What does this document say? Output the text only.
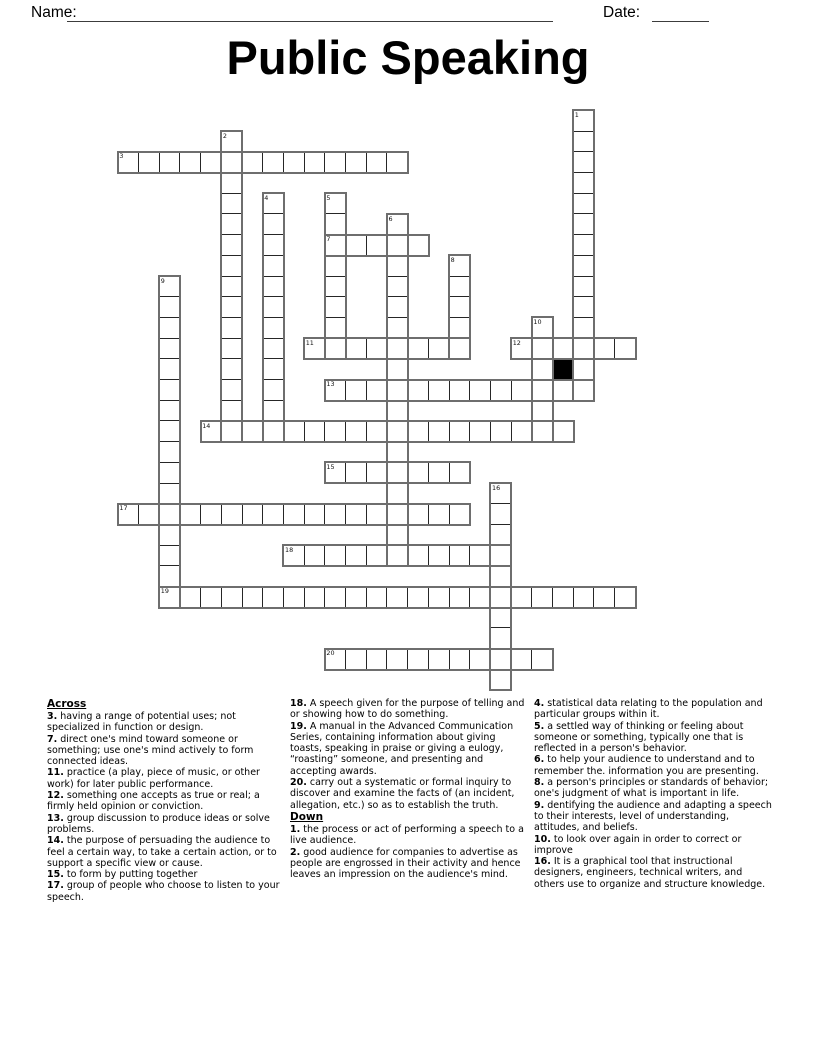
Name:	Date:
Public Speaking
3
7
11	12
13
14
15
17
18
19
20
1
2
4	5
6
8
9
10
16
Across

3. having a range of potential uses; not specialized in function or design.

7. direct one's mind toward someone or something; use one's mind actively to form connected ideas.

11. practice (a play, piece of music, or other work) for later public performance.

12. something one accepts as true or real; a firmly held opinion or conviction.

13. group discussion to produce ideas or solve problems.

14. the purpose of persuading the audience to feel a certain way, to take a certain action, or to support a specific view or cause.

15. to form by putting together

17. group of people who choose to listen to your speech.

18. A speech given for the purpose of telling and or showing how to do something.

19. A manual in the Advanced Communication Series, containing information about giving toasts, speaking in praise or giving a eulogy, “roasting” someone, and presenting and accepting awards.

20. carry out a systematic or formal inquiry to discover and examine the facts of (an incident, allegation, etc.) so as to establish the truth.

Down

1. the process or act of performing a speech to a live audience.

2. good audience for companies to advertise as people are engrossed in their activity and hence leaves an impression on the audience's mind.

4. statistical data relating to the population and particular groups within it.

5. a settled way of thinking or feeling about someone or something, typically one that is reflected in a person's behavior.

6. to help your audience to understand and to remember the. information you are presenting.

8. a person's principles or standards of behavior; one's judgment of what is important in life.

9. dentifying the audience and adapting a speech to their interests, level of understanding, attitudes, and beliefs.

10. to look over again in order to correct or improve

16. It is a graphical tool that instructional designers, engineers, technical writers, and others use to organize and structure knowledge.
